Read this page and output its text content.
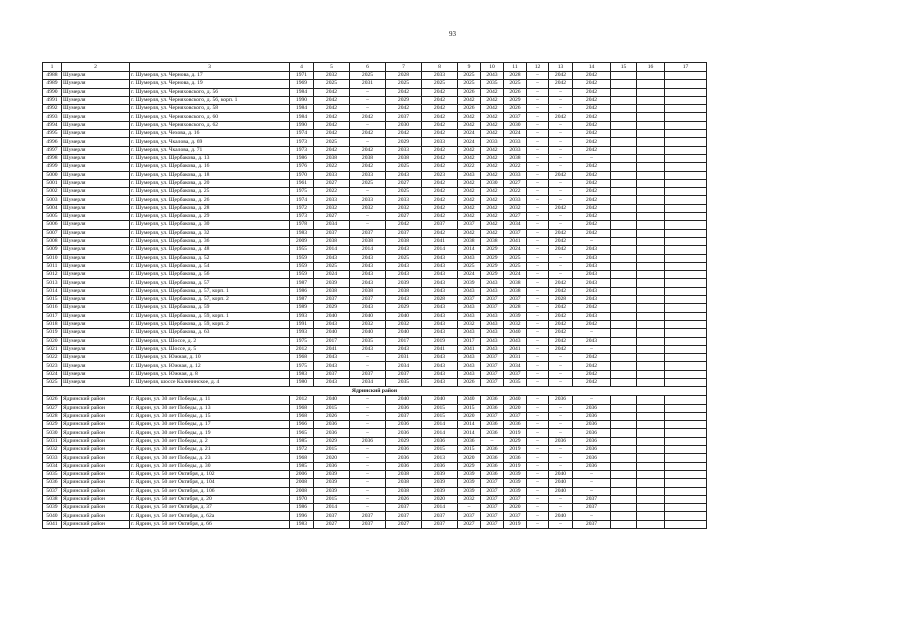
93
1	2	3	4	5	6	7	8	9	10	11	12	13	14	15	16	17
4988	Шумерля	г. Шумерля, ул. Чернова, д. 17	1971	2032	2025	2028	2033	2025	2043	2028	–	2042	2042			
4989	Шумерля	г. Шумерля, ул. Чернова, д. 19	1969	2025	2031	2025	2025	2025	2035	2025	–	2042	2042			
4990	Шумерля	г. Шумерля, ул. Черняховского, д. 56	1984	2042	–	2042	2042	2026	2042	2026	–	–	2042			
4991	Шумерля	г. Шумерля, ул. Черняховского, д. 56, корп. 1	1990	2042	–	2029	2042	2042	2042	2029	–	–	2042			
4992	Шумерля	г. Шумерля, ул. Черняховского, д. 58	1984	2042	–	2042	2042	2026	2042	2026	–	–	2042			
4993	Шумерля	г. Шумерля, ул. Черняховского, д. 60	1984	2042	2042	2037	2042	2042	2042	2037	–	2042	2042			
4994	Шумерля	г. Шумерля, ул. Черняховского, д. 62	1990	2042	–	2030	2042	2042	2042	2030	–	–	2042			
4995	Шумерля	г. Шумерля, ул. Чехова, д. 16	1974	2042	2042	2042	2042	2024	2042	2024	–	–	2042			
4996	Шумерля	г. Шумерля, ул. Чкалова, д. 69	1973	2025	–	2029	2033	2024	2033	2033	–	–	2042			
4997	Шумерля	г. Шумерля, ул. Чкалова, д. 71	1973	2042	2042	2033	2042	2042	2042	2033	–	–	2042			
4998	Шумерля	г. Шумерля, ул. Щербакова, д. 13	1986	2038	2038	2038	2042	2042	2042	2038	–	–	–			
4999	Шумерля	г. Шумерля, ул. Щербакова, д. 16	1976	2022	2042	2025	2042	2022	2042	2022	–	–	2042			
5000	Шумерля	г. Шумерля, ул. Щербакова, д. 18	1970	2033	2033	2043	2023	2043	2042	2033	–	2042	2042			
5001	Шумерля	г. Шумерля, ул. Щербакова, д. 20	1961	2027	2025	2027	2042	2042	2030	2027	–	–	2042			
5002	Шумерля	г. Шумерля, ул. Щербакова, д. 25	1975	2022	–	2025	2042	2042	2042	2022	–	–	2042			
5003	Шумерля	г. Шумерля, ул. Щербакова, д. 26	1974	2033	2033	2033	2042	2042	2042	2033	–	–	2042			
5004	Шумерля	г. Шумерля, ул. Щербакова, д. 28	1972	2032	2032	2032	2042	2042	2042	2032	–	2042	2042			
5005	Шумерля	г. Шумерля, ул. Щербакова, д. 29	1973	2027	–	2027	2042	2042	2042	2027	–	–	2042			
5006	Шумерля	г. Шумерля, ул. Щербакова, д. 30	1978	2034	–	2042	2037	2037	2042	2034	–	–	2042			
5007	Шумерля	г. Шумерля, ул. Щербакова, д. 32	1983	2037	2037	2037	2042	2042	2042	2037	–	2042	2042			
5008	Шумерля	г. Шумерля, ул. Щербакова, д. 36	2009	2038	2038	2038	2041	2038	2038	2041	–	2042	–			
5009	Шумерля	г. Шумерля, ул. Щербакова, д. 48	1955	2014	2014	2043	2014	2014	2029	2024	–	2042	2043			
5010	Шумерля	г. Шумерля, ул. Щербакова, д. 52	1959	2043	2043	2025	2043	2043	2029	2025	–	–	2043			
5011	Шумерля	г. Шумерля, ул. Щербакова, д. 54	1959	2025	2043	2043	2043	2025	2029	2025	–	–	2043			
5012	Шумерля	г. Шумерля, ул. Щербакова, д. 56	1959	2024	2043	2043	2043	2024	2029	2024	–	–	2043			
5013	Шумерля	г. Шумерля, ул. Щербакова, д. 57	1987	2039	2043	2039	2043	2039	2043	2038	–	2042	2043			
5014	Шумерля	г. Шумерля, ул. Щербакова, д. 57, корп. 1	1986	2038	2038	2038	2043	2043	2043	2038	–	2042	2043			
5015	Шумерля	г. Шумерля, ул. Щербакова, д. 57, корп. 2	1987	2037	2037	2043	2028	2037	2037	2037	–	2028	2043			
5016	Шумерля	г. Шумерля, ул. Щербакова, д. 59	1989	2029	2043	2029	2043	2043	2037	2028	–	2042	2042			
5017	Шумерля	г. Шумерля, ул. Щербакова, д. 59, корп. 1	1993	2040	2040	2040	2043	2043	2043	2039	–	2042	2043			
5018	Шумерля	г. Шумерля, ул. Щербакова, д. 59, корп. 2	1991	2043	2032	2032	2043	2032	2043	2032	–	2042	2042			
5019	Шумерля	г. Шумерля, ул. Щербакова, д. 63	1993	2040	2040	2040	2043	2043	2043	2040	–	2042	–			
5020	Шумерля	г. Шумерля, ул. Шоссе, д. 2	1975	2017	2035	2017	2019	2017	2043	2043	–	2042	2043			
5021	Шумерля	г. Шумерля, ул. Шоссе, д. 5	2012	2041	2043	2043	2041	2041	2043	2041	–	2042	–			
5022	Шумерля	г. Шумерля, ул. Южная, д. 10	1968	2043	–	2031	2043	2043	2037	2031	–	–	2042			
5023	Шумерля	г. Шумерля, ул. Южная, д. 12	1975	2043	–	2034	2043	2043	2037	2034	–	–	2042			
5024	Шумерля	г. Шумерля, ул. Южная, д. 8	1983	2037	2037	2037	2043	2043	2037	2037	–	–	2042			
5025	Шумерля	г. Шумерля, шоссе Калининское, д. 4	1980	2043	2034	2035	2043	2026	2037	2035	–	–	2042			
Ядринский район																
5026	Ядринский район	г. Ядрин, ул. 30 лет Победы, д. 11	2012	2040	–	2040	2040	2040	2036	2040	–	2036	–			
5027	Ядринский район	г. Ядрин, ул. 30 лет Победы, д. 13	1968	2015	–	2036	2015	2015	2036	2020	–	–	2036			
5028	Ядринский район	г. Ядрин, ул. 30 лет Победы, д. 15	1968	2026	–	2037	2015	2020	2037	2037	–	–	2036			
5029	Ядринский район	г. Ядрин, ул. 30 лет Победы, д. 17	1966	2036	–	2036	2014	2014	2036	2036	–	–	2036			
5030	Ядринский район	г. Ядрин, ул. 30 лет Победы, д. 19	1965	2036	–	2036	2014	2014	2036	2019	–	–	2036			
5031	Ядринский район	г. Ядрин, ул. 30 лет Победы, д. 2	1985	2029	2036	2029	2036	2036	–	2029	–	2036	2036			
5032	Ядринский район	г. Ядрин, ул. 30 лет Победы, д. 21	1972	2015	–	2036	2015	2015	2036	2019	–	–	2036			
5033	Ядринский район	г. Ядрин, ул. 30 лет Победы, д. 23	1968	2020	–	2036	2013	2020	2036	2036	–	–	2036			
5034	Ядринский район	г. Ядрин, ул. 30 лет Победы, д. 30	1985	2036	–	2036	2036	2029	2036	2019	–	–	2036			
5035	Ядринский район	г. Ядрин, ул. 50 лет Октября, д. 102	2006	2039	–	2038	2039	2039	2036	2039	–	2040	–			
5036	Ядринский район	г. Ядрин, ул. 50 лет Октября, д. 104	2008	2039	–	2038	2039	2039	2037	2039	–	2040	–			
5037	Ядринский район	г. Ядрин, ул. 50 лет Октября, д. 106	2008	2039	–	2038	2039	2039	2037	2039	–	2040	–			
5038	Ядринский район	г. Ядрин, ул. 50 лет Октября, д. 20	1970	2015	–	2026	2020	2032	2037	2037	–	–	2037			
5039	Ядринский район	г. Ядрин, ул. 50 лет Октября, д. 37	1986	2014	–	2037	2014	–	2037	2020	–	–	2037			
5040	Ядринский район	г. Ядрин, ул. 50 лет Октября, д. 62а	1996	2037	2037	2037	2037	2037	2037	2037	–	2040	–			
5041	Ядринский район	г. Ядрин, ул. 50 лет Октября, д. 66	1983	2027	2037	2027	2037	2027	2037	2019	–	–	2037			
